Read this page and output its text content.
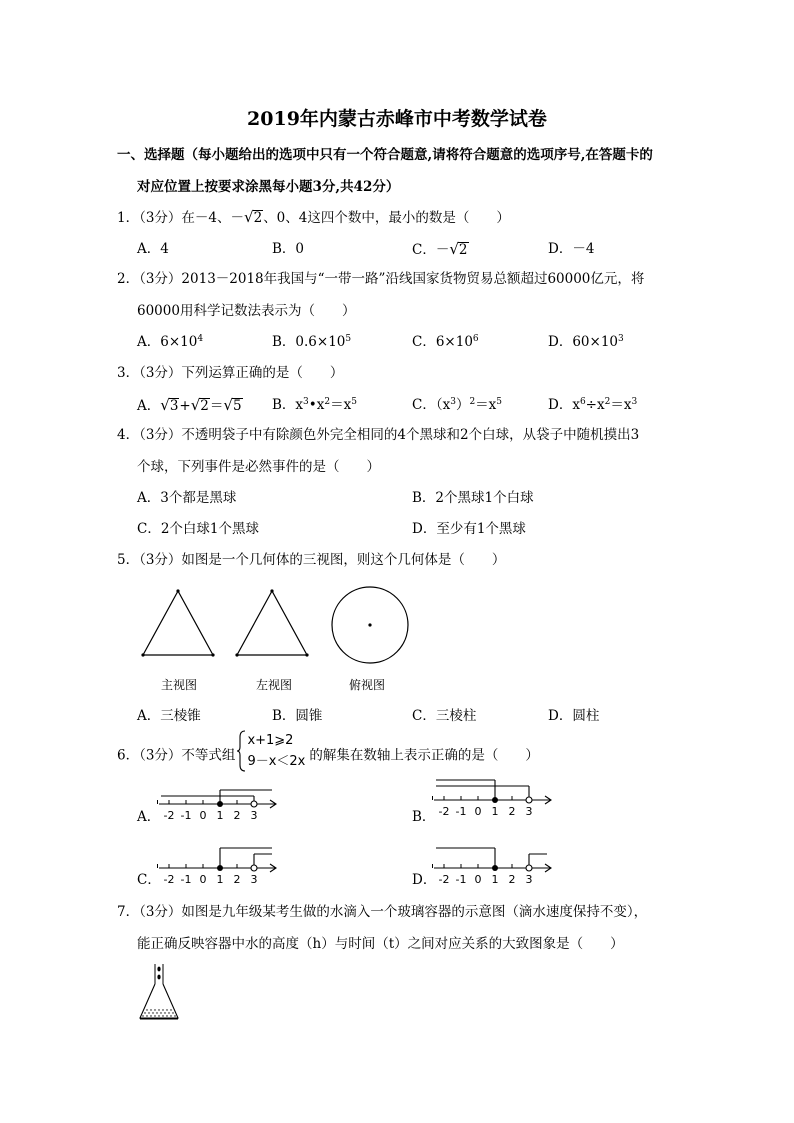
2019年内蒙古赤峰市中考数学试卷
一、选择题（每小题给出的选项中只有一个符合题意,请将符合题意的选项序号,在答题卡的
对应位置上按要求涂黑每小题3分,共42分）
1．（3分）在－4、－√2、0、4这四个数中，最小的数是（　　）
A．4	B．0	C．－√2	D．－4
2．（3分）2013－2018年我国与“一带一路”沿线国家货物贸易总额超过60000亿元，将
60000用科学记数法表示为（　　）
A．$6\times 10^4$	B．$0.6\times 10^5$	C．$6\times 10^6$	D．$60\times 10^3$
3．（3分）下列运算正确的是（　　）
A．√3+√2＝√5 B．$x^3•x^2=x^5$	C．$(x^3)^2=x^5$	D．$x^6\div x^2=x^3$
4．（3分）不透明袋子中有除颜色外完全相同的4个黑球和2个白球，从袋子中随机摸出3
个球，下列事件是必然事件的是（　　）
A．3个都是黑球	B．2个黑球1个白球
C．2个白球1个黑球	D．至少有1个黑球
5．（3分）如图是一个几何体的三视图，则这个几何体是（　　）
主视图	左视图	俯视图
A．三棱锥	B．圆锥	C．三棱柱	D．圆柱
6．（3分）不等式组
x+1⩾2
9－x＜2x 的解集在数轴上表示正确的是（　　）
A． -2 -1 0 1 2 3	B． -2 -1 0 1 2 3
C． -2 -1 0 1 2 3	D． -2 -1 0 1 2 3
7．（3分）如图是九年级某考生做的水滴入一个玻璃容器的示意图（滴水速度保持不变），
能正确反映容器中水的高度（h）与时间（t）之间对应关系的大致图象是（　　）
